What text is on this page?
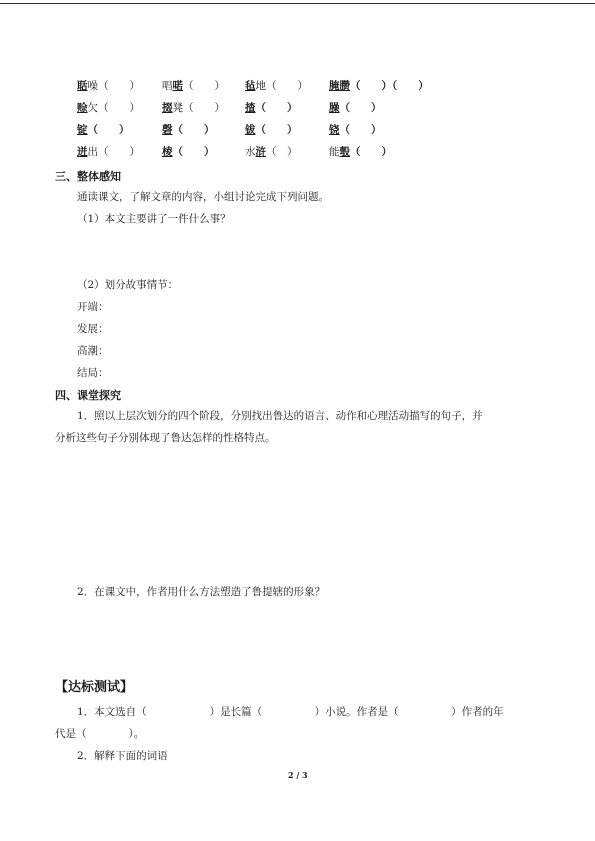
聒噪（　　） 唱喏（　　） 毡地（　　） 腌臜（　　）（　　）
赊欠（　　） 掇凳（　　） 揸（　　）	臊（　　）
锭（　　）	磬（　　）	钹（　　）	铙（　　）
迸出（　　） 棱（　　）	水浒（　）	能彀（　　）
三、整体感知
通读课文，了解文章的内容，小组讨论完成下列问题。
（1）本文主要讲了一件什么事？
（2）划分故事情节：
开端：
发展：
高潮：
结局：
四、课堂探究
1．照以上层次划分的四个阶段，分别找出鲁达的语言、动作和心理活动描写的句子，并
分析这些句子分别体现了鲁达怎样的性格特点。
2．在课文中，作者用什么方法塑造了鲁提辖的形象？
【达标测试】
1．本文选自（　　　　　　）是长篇（　　　　　）小说。作者是（　　　　　）作者的年
代是（　　　　）。
2．解释下面的词语
2 / 3
